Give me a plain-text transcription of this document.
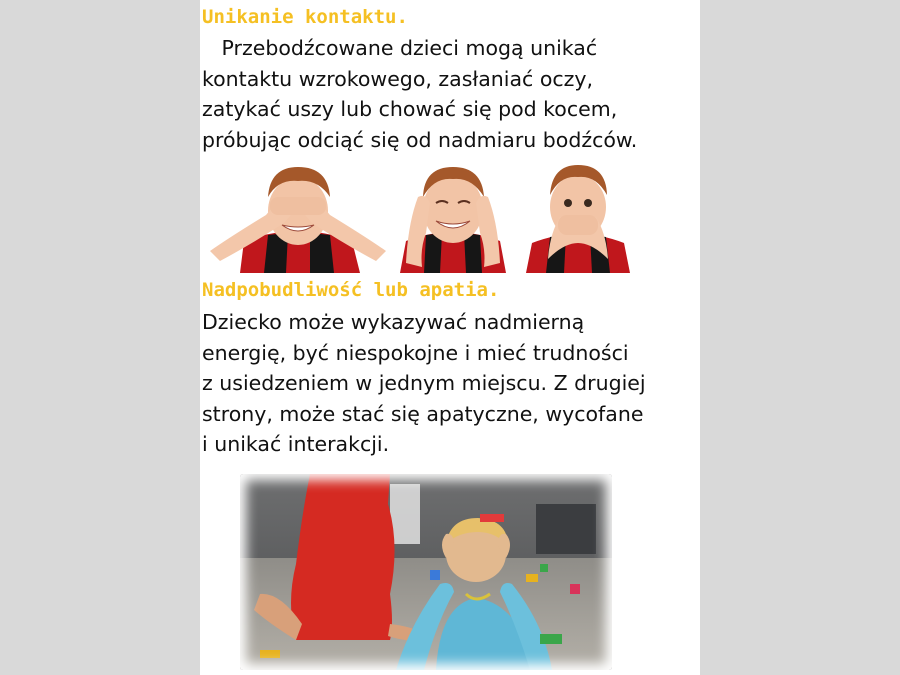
Unikanie kontaktu.

Przebodźcowane dzieci mogą unikać
kontaktu wzrokowego, zasłaniać oczy,
zatykać uszy lub chować się pod kocem,
próbując odciąć się od nadmiaru bodźców.

Nadpobudliwość lub apatia.

Dziecko może wykazywać nadmierną
energię, być niespokojne i mieć trudności
z usiedzeniem w jednym miejscu. Z drugiej
strony, może stać się apatyczne, wycofane
i unikać interakcji.
